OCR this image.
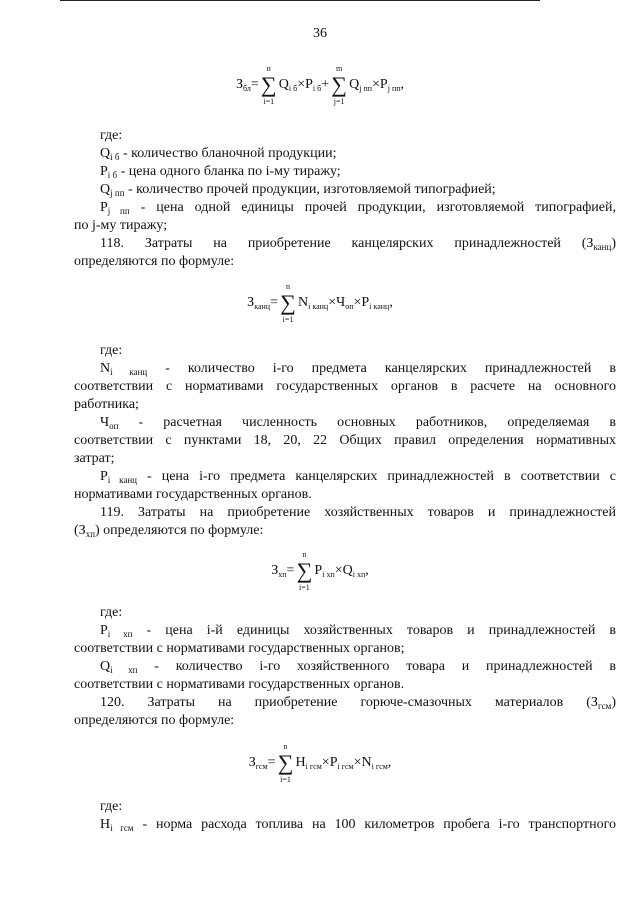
36
$З_{бл}=$
n
∑
i=1
$Q_{i б}\times P_{i б}+$
m
∑
j=1
$Q_{j пп}\times P_{j пп}$,
где:
$Q_{i б}$ - количество бланочной продукции;
$P_{i б}$ - цена одного бланка по i-му тиражу;
$Q_{j пп}$ - количество прочей продукции, изготовляемой типографией;
$P_{j пп}$ - цена одной единицы прочей продукции, изготовляемой типографией,
по j-му тиражу;
118. Затраты на приобретение канцелярских принадлежностей $(З_{канц})$
определяются по формуле:
$З_{канц}=$
n
∑
i=1
$N_{i канц}\times Ч_{оп}\times P_{i канц}$,
где:
$N_{i канц}$ - количество i-го предмета канцелярских принадлежностей в
соответствии с нормативами государственных органов в расчете на основного
работника;
$Ч_{оп}$ - расчетная численность основных работников, определяемая в
соответствии с пунктами 18, 20, 22 Общих правил определения нормативных
затрат;
$P_{i канц}$ - цена i-го предмета канцелярских принадлежностей в соответствии с
нормативами государственных органов.
119. Затраты на приобретение хозяйственных товаров и принадлежностей
$(З_{хп})$ определяются по формуле:
$З_{хп}=$
n
∑
i=1
$P_{i хп}\times Q_{i хп}$,
где:
$P_{i хп}$ - цена i-й единицы хозяйственных товаров и принадлежностей в
соответствии с нормативами государственных органов;
$Q_{i хп}$ - количество i-го хозяйственного товара и принадлежностей в
соответствии с нормативами государственных органов.
120. Затраты на приобретение горюче-смазочных материалов $(З_{гсм})$
определяются по формуле:
$З_{гсм}=$
n
∑
i=1
$H_{i гсм}\times P_{i гсм}\times N_{i гсм}$,
где:
$H_{i гсм}$ - норма расхода топлива на 100 километров пробега i-го транспортного
